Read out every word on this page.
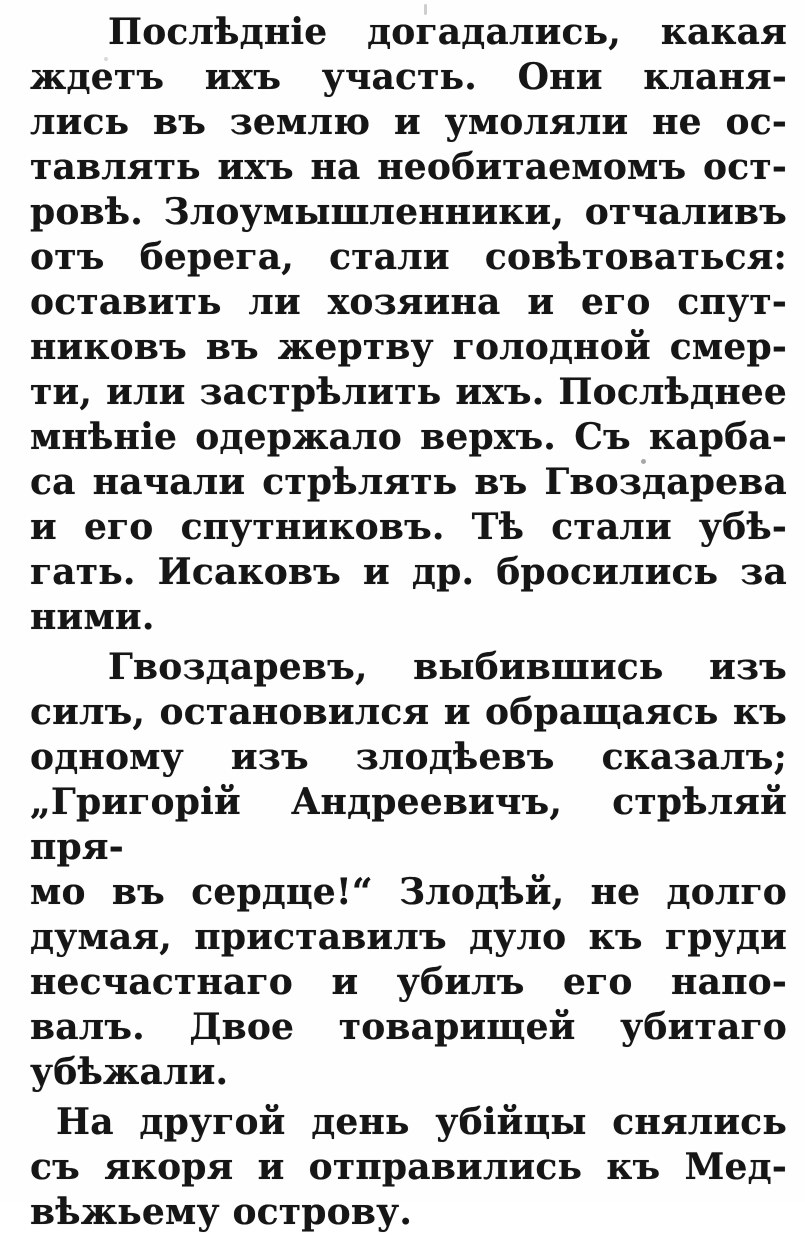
Послѣдніе догадались, какая
ждетъ ихъ участь. Они кланя-
лись въ землю и умоляли не ос-
тавлять ихъ на необитаемомъ ост-
ровѣ. Злоумышленники, отчаливъ
отъ берега, стали совѣтоваться:
оставить ли хозяина и его спут-
никовъ въ жертву голодной смер-
ти, или застрѣлить ихъ. Послѣднее
мнѣніе одержало верхъ. Съ карба-
са начали стрѣлять въ Гвоздарева
и его спутниковъ. Тѣ стали убѣ-
гать. Исаковъ и др. бросились за
ними.

Гвоздаревъ, выбившись изъ
силъ, остановился и обращаясь къ
одному изъ злодѣевъ сказалъ;
„Григорій Андреевичъ, стрѣляй пря-
мо въ сердце!“ Злодѣй, не долго
думая, приставилъ дуло къ груди
несчастнаго и убилъ его напо-
валъ. Двое товарищей убитаго
убѣжали.

На другой день убійцы снялись
съ якоря и отправились къ Мед-
вѣжьему острову.
